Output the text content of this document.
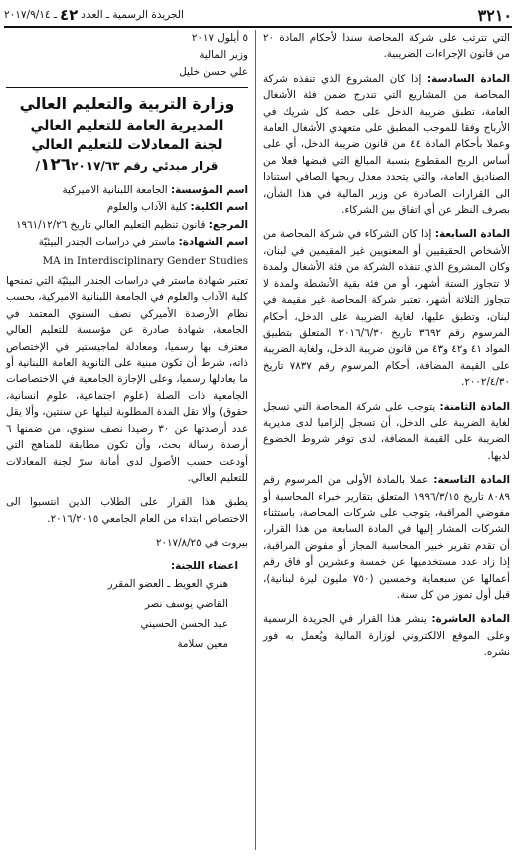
٣٢١٠
الجريدة الرسمية ـ العدد
٤٢
ـ ٢٠١٧/٩/١٤

التي تترتب على شركة المحاصة سندا لأحكام المادة ٢٠ من قانون الإجراءات الضريبية.

المادة السادسة: إذا كان المشروع الذي تنفذه شركة المحاصة من المشاريع التي تندرج ضمن فئة الأشغال العامة، تطبق ضريبة الدخل على حصة كل شريك في الأرباح وفقا للموجب المطبق على متعهدي الأشغال العامة وعملا بأحكام المادة ٤٤ من قانون ضريبة الدخل، أي على أساس الربح المقطوع بنسبة المبالغ التي قبضها فعلا من الصناديق العامة، والتي يتحدد معدل ربحها الصافي استنادا الى القرارات الصادرة عن وزير المالية في هذا الشأن، بصرف النظر عن أي اتفاق بين الشركاء.

المادة السابعة: إذا كان الشركاء في شركة المحاصة من الأشخاص الحقيقيين أو المعنويين غير المقيمين في لبنان، وكان المشروع الذي تنفذه الشركة من فئة الأشغال ولمدة لا تتجاوز الستة أشهر، أو من فئة بقية الأنشطة ولمدة لا تتجاوز الثلاثة أشهر، تعتبر شركة المحاصة غير مقيمة في لبنان، وتطبق عليها، لغاية الضريبة على الدخل، أحكام المرسوم رقم ٣٦٩٢ تاريخ ٢٠١٦/٦/٣٠ المتعلق بتطبيق المواد ٤١ و٤٢ و٤٣ من قانون ضريبة الدخل، ولغاية الضريبة على القيمة المضافة، أحكام المرسوم رقم ٧٨٣٧ تاريخ ٢٠٠٢/٤/٣٠.

المادة الثامنة: يتوجب على شركة المحاصة التي تسجل لغاية الضريبة على الدخل، أن تسجل إلزاميا لدى مديرية الضريبة على القيمة المضافة، لدى توفر شروط الخضوع لديها.

المادة التاسعة: عملا بالمادة الأولى من المرسوم رقم ٨٠٨٩ تاريخ ١٩٩٦/٣/١٥ المتعلق بتقارير خبراء المحاسبة أو مفوضي المراقبة، يتوجب على شركات المحاصة، باستثناء الشركات المشار إليها في المادة السابعة من هذا القرار، أن تقدم تقرير خبير المحاسبة المجاز أو مفوض المراقبة، إذا زاد عدد مستخدميها عن خمسة وعشرين أو فاق رقم أعمالها عن سبعماية وخمسين (٧٥٠ مليون ليرة لبنانية)، قبل أول تموز من كل سنة.

المادة العاشرة: ينشر هذا القرار في الجريدة الرسمية وعلى الموقع الالكتروني لوزارة المالية ويُعمل به فور نشره.

٥ أيلول ٢٠١٧

وزير المالية

علي حسن خليل

وزارة التربية والتعليم العالي

المديرية العامة للتعليم العالي

لجنة المعادلات للتعليم العالي

قرار مبدئي رقم ١٢٦٢٠١٧/٦٣/

اسم المؤسسة: الجامعة اللبنانية الاميركية

اسم الكلية: كلية الآداب والعلوم

المرجع: قانون تنظيم التعليم العالي تاريخ ١٩٦١/١٢/٢٦

اسم الشهادة: ماستر في دراسات الجندر البيئيّة

MA in Interdisciplinary Gender Studies

تعتبر شهادة ماستر في دراسات الجندر البيئيّة التي تمنحها كلية الآداب والعلوم في الجامعة اللبنانية الاميركية، بحسب نظام الأرصدة الأميركي نصف السنوي المعتمد في الجامعة، شهادة صادرة عن مؤسسة للتعليم العالي معترف بها رسميا، ومعادلة لماجيستير في الإختصاص ذاته، شرط أن تكون مبنية على الثانوية العامة اللبنانية أو ما يعادلها رسميا، وعلى الإجازة الجامعية في الاختصاصات الجامعية ذات الصلة (علوم اجتماعية، علوم انسانية، حقوق) وألا تقل المدة المطلوبة لنيلها عن سنتين، وألا يقل عدد أرصدتها عن ٣٠ رصيدا نصف سنوي، من ضمنها ٦ أرصدة رسالة بحث، وأن تكون مطابقة للمناهج التي أودعت حسب الأصول لدى أمانة سرّ لجنة المعادلات للتعليم العالي.

يطبق هذا القرار على الطلاب الذين انتسبوا الى الاختصاص ابتداء من العام الجامعي ٢٠١٦/٢٠١٥.

بيروت في ٢٠١٧/٨/٢٥

اعضاء اللجنة:

هنري العويط ـ العضو المقرر

القاضي يوسف نصر

عبد الحسن الحسيني

معين سلامة
